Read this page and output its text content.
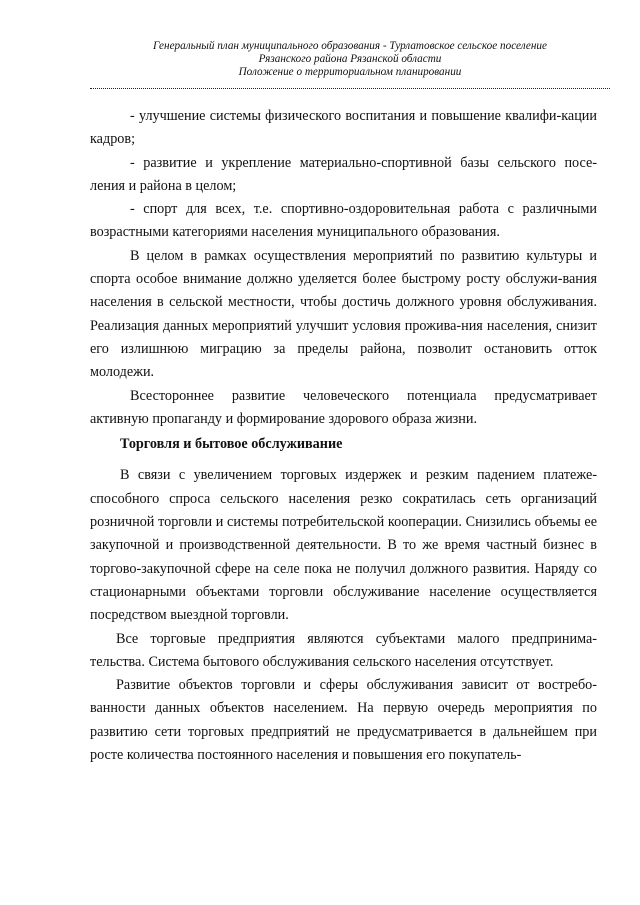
Генеральный план муниципального образования - Турлатовское сельское поселение
Рязанского района Рязанской области
Положение о территориальном планировании

- улучшение системы физического воспитания и повышение квалифи-кации кадров;

- развитие и укрепление материально-спортивной базы сельского посе-ления и района в целом;

- спорт для всех, т.е. спортивно-оздоровительная работа с различными возрастными категориями населения муниципального образования.

В целом в рамках осуществления мероприятий по развитию культуры и спорта особое внимание должно уделяется более быстрому росту обслужи-вания населения в сельской местности, чтобы достичь должного уровня обслуживания. Реализация данных мероприятий улучшит условия прожива-ния населения, снизит его излишнюю миграцию за пределы района, позволит остановить отток молодежи.

Всестороннее развитие человеческого потенциала предусматривает активную пропаганду и формирование здорового образа жизни.

Торговля и бытовое обслуживание

В связи с увеличением торговых издержек и резким падением платеже-способного спроса сельского населения резко сократилась сеть организаций розничной торговли и системы потребительской кооперации. Снизились объемы ее закупочной и производственной деятельности. В то же время частный бизнес в торгово-закупочной сфере на селе пока не получил должного развития. Наряду со стационарными объектами торговли обслуживание население осуществляется посредством выездной торговли.

Все торговые предприятия являются субъектами малого предпринима-тельства. Система бытового обслуживания сельского населения отсутствует.

Развитие объектов торговли и сферы обслуживания зависит от востребо-ванности данных объектов населением. На первую очередь мероприятия по развитию сети торговых предприятий не предусматривается в дальнейшем при росте количества постоянного населения и повышения его покупатель-
